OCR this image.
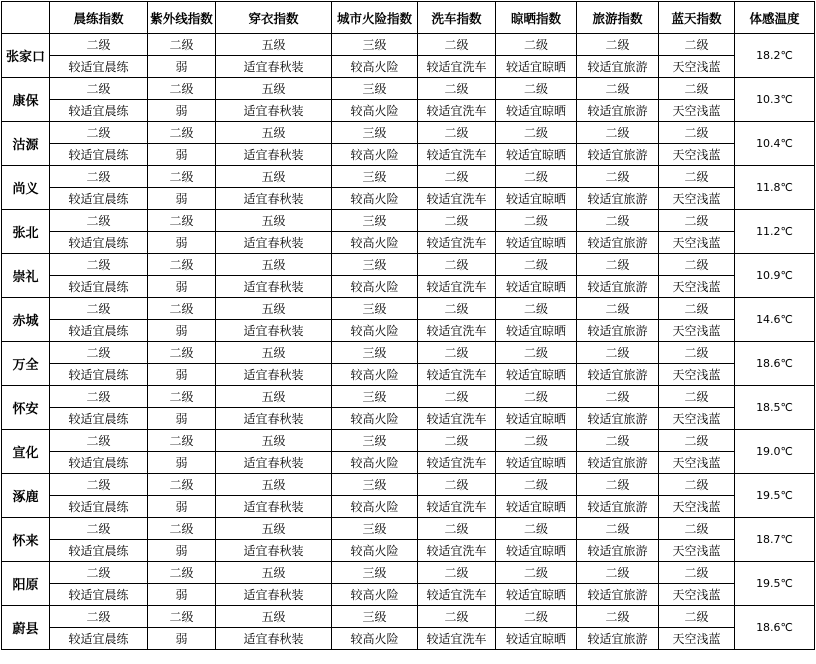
	晨练指数	紫外线指数	穿衣指数	城市火险指数	洗车指数	晾晒指数	旅游指数	蓝天指数	体感温度
张家口	二级	二级	五级	三级	二级	二级	二级	二级	18.2℃
	较适宜晨练	弱	适宜春秋装	较高火险	较适宜洗车	较适宜晾晒	较适宜旅游	天空浅蓝	
康保	二级	二级	五级	三级	二级	二级	二级	二级	10.3℃
	较适宜晨练	弱	适宜春秋装	较高火险	较适宜洗车	较适宜晾晒	较适宜旅游	天空浅蓝	
沽源	二级	二级	五级	三级	二级	二级	二级	二级	10.4℃
	较适宜晨练	弱	适宜春秋装	较高火险	较适宜洗车	较适宜晾晒	较适宜旅游	天空浅蓝	
尚义	二级	二级	五级	三级	二级	二级	二级	二级	11.8℃
	较适宜晨练	弱	适宜春秋装	较高火险	较适宜洗车	较适宜晾晒	较适宜旅游	天空浅蓝	
张北	二级	二级	五级	三级	二级	二级	二级	二级	11.2℃
	较适宜晨练	弱	适宜春秋装	较高火险	较适宜洗车	较适宜晾晒	较适宜旅游	天空浅蓝	
崇礼	二级	二级	五级	三级	二级	二级	二级	二级	10.9℃
	较适宜晨练	弱	适宜春秋装	较高火险	较适宜洗车	较适宜晾晒	较适宜旅游	天空浅蓝	
赤城	二级	二级	五级	三级	二级	二级	二级	二级	14.6℃
	较适宜晨练	弱	适宜春秋装	较高火险	较适宜洗车	较适宜晾晒	较适宜旅游	天空浅蓝	
万全	二级	二级	五级	三级	二级	二级	二级	二级	18.6℃
	较适宜晨练	弱	适宜春秋装	较高火险	较适宜洗车	较适宜晾晒	较适宜旅游	天空浅蓝	
怀安	二级	二级	五级	三级	二级	二级	二级	二级	18.5℃
	较适宜晨练	弱	适宜春秋装	较高火险	较适宜洗车	较适宜晾晒	较适宜旅游	天空浅蓝	
宣化	二级	二级	五级	三级	二级	二级	二级	二级	19.0℃
	较适宜晨练	弱	适宜春秋装	较高火险	较适宜洗车	较适宜晾晒	较适宜旅游	天空浅蓝	
涿鹿	二级	二级	五级	三级	二级	二级	二级	二级	19.5℃
	较适宜晨练	弱	适宜春秋装	较高火险	较适宜洗车	较适宜晾晒	较适宜旅游	天空浅蓝	
怀来	二级	二级	五级	三级	二级	二级	二级	二级	18.7℃
	较适宜晨练	弱	适宜春秋装	较高火险	较适宜洗车	较适宜晾晒	较适宜旅游	天空浅蓝	
阳原	二级	二级	五级	三级	二级	二级	二级	二级	19.5℃
	较适宜晨练	弱	适宜春秋装	较高火险	较适宜洗车	较适宜晾晒	较适宜旅游	天空浅蓝	
蔚县	二级	二级	五级	三级	二级	二级	二级	二级	18.6℃
	较适宜晨练	弱	适宜春秋装	较高火险	较适宜洗车	较适宜晾晒	较适宜旅游	天空浅蓝	
